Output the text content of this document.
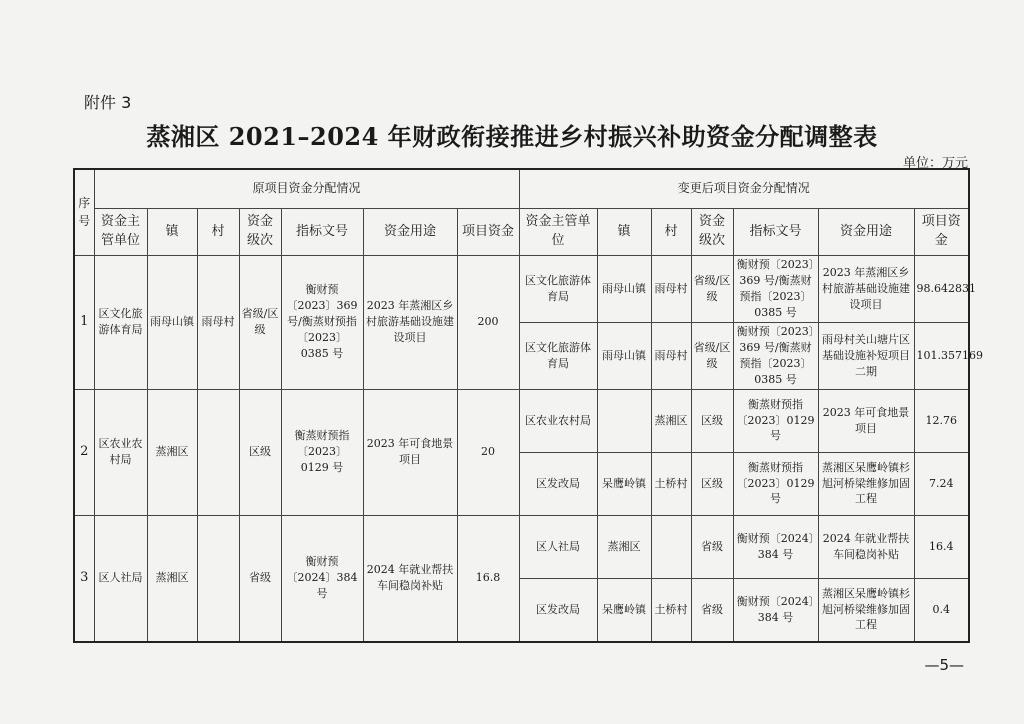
附件 3
蒸湘区 2021–2024 年财政衔接推进乡村振兴补助资金分配调整表
单位：万元
序号	原项目资金分配情况							变更后项目资金分配情况						
	资金主管单位	镇	村	资金级次	指标文号	资金用途	项目资金	资金主管单位	镇	村	资金级次	指标文号	资金用途	项目资金
1	区文化旅游体育局	雨母山镇	雨母村	省级/区级	衡财预〔2023〕369 号/衡蒸财预指〔2023〕0385 号	2023 年蒸湘区乡村旅游基础设施建设项目	200	区文化旅游体育局	雨母山镇	雨母村	省级/区级	衡财预〔2023〕369 号/衡蒸财预指〔2023〕0385 号	2023 年蒸湘区乡村旅游基础设施建设项目	98.642831
								区文化旅游体育局	雨母山镇	雨母村	省级/区级	衡财预〔2023〕369 号/衡蒸财预指〔2023〕0385 号	雨母村关山塘片区基础设施补短项目二期	101.357169
2	区农业农村局	蒸湘区		区级	衡蒸财预指〔2023〕0129 号	2023 年可食地景项目	20	区农业农村局		蒸湘区	区级	衡蒸财预指〔2023〕0129 号	2023 年可食地景项目	12.76
								区发改局	呆鹰岭镇	土桥村	区级	衡蒸财预指〔2023〕0129 号	蒸湘区呆鹰岭镇杉旭河桥梁维修加固工程	7.24
3	区人社局	蒸湘区		省级	衡财预〔2024〕384 号	2024 年就业帮扶车间稳岗补贴	16.8	区人社局	蒸湘区		省级	衡财预〔2024〕384 号	2024 年就业帮扶车间稳岗补贴	16.4
								区发改局	呆鹰岭镇	土桥村	省级	衡财预〔2024〕384 号	蒸湘区呆鹰岭镇杉旭河桥梁维修加固工程	0.4
—5—
